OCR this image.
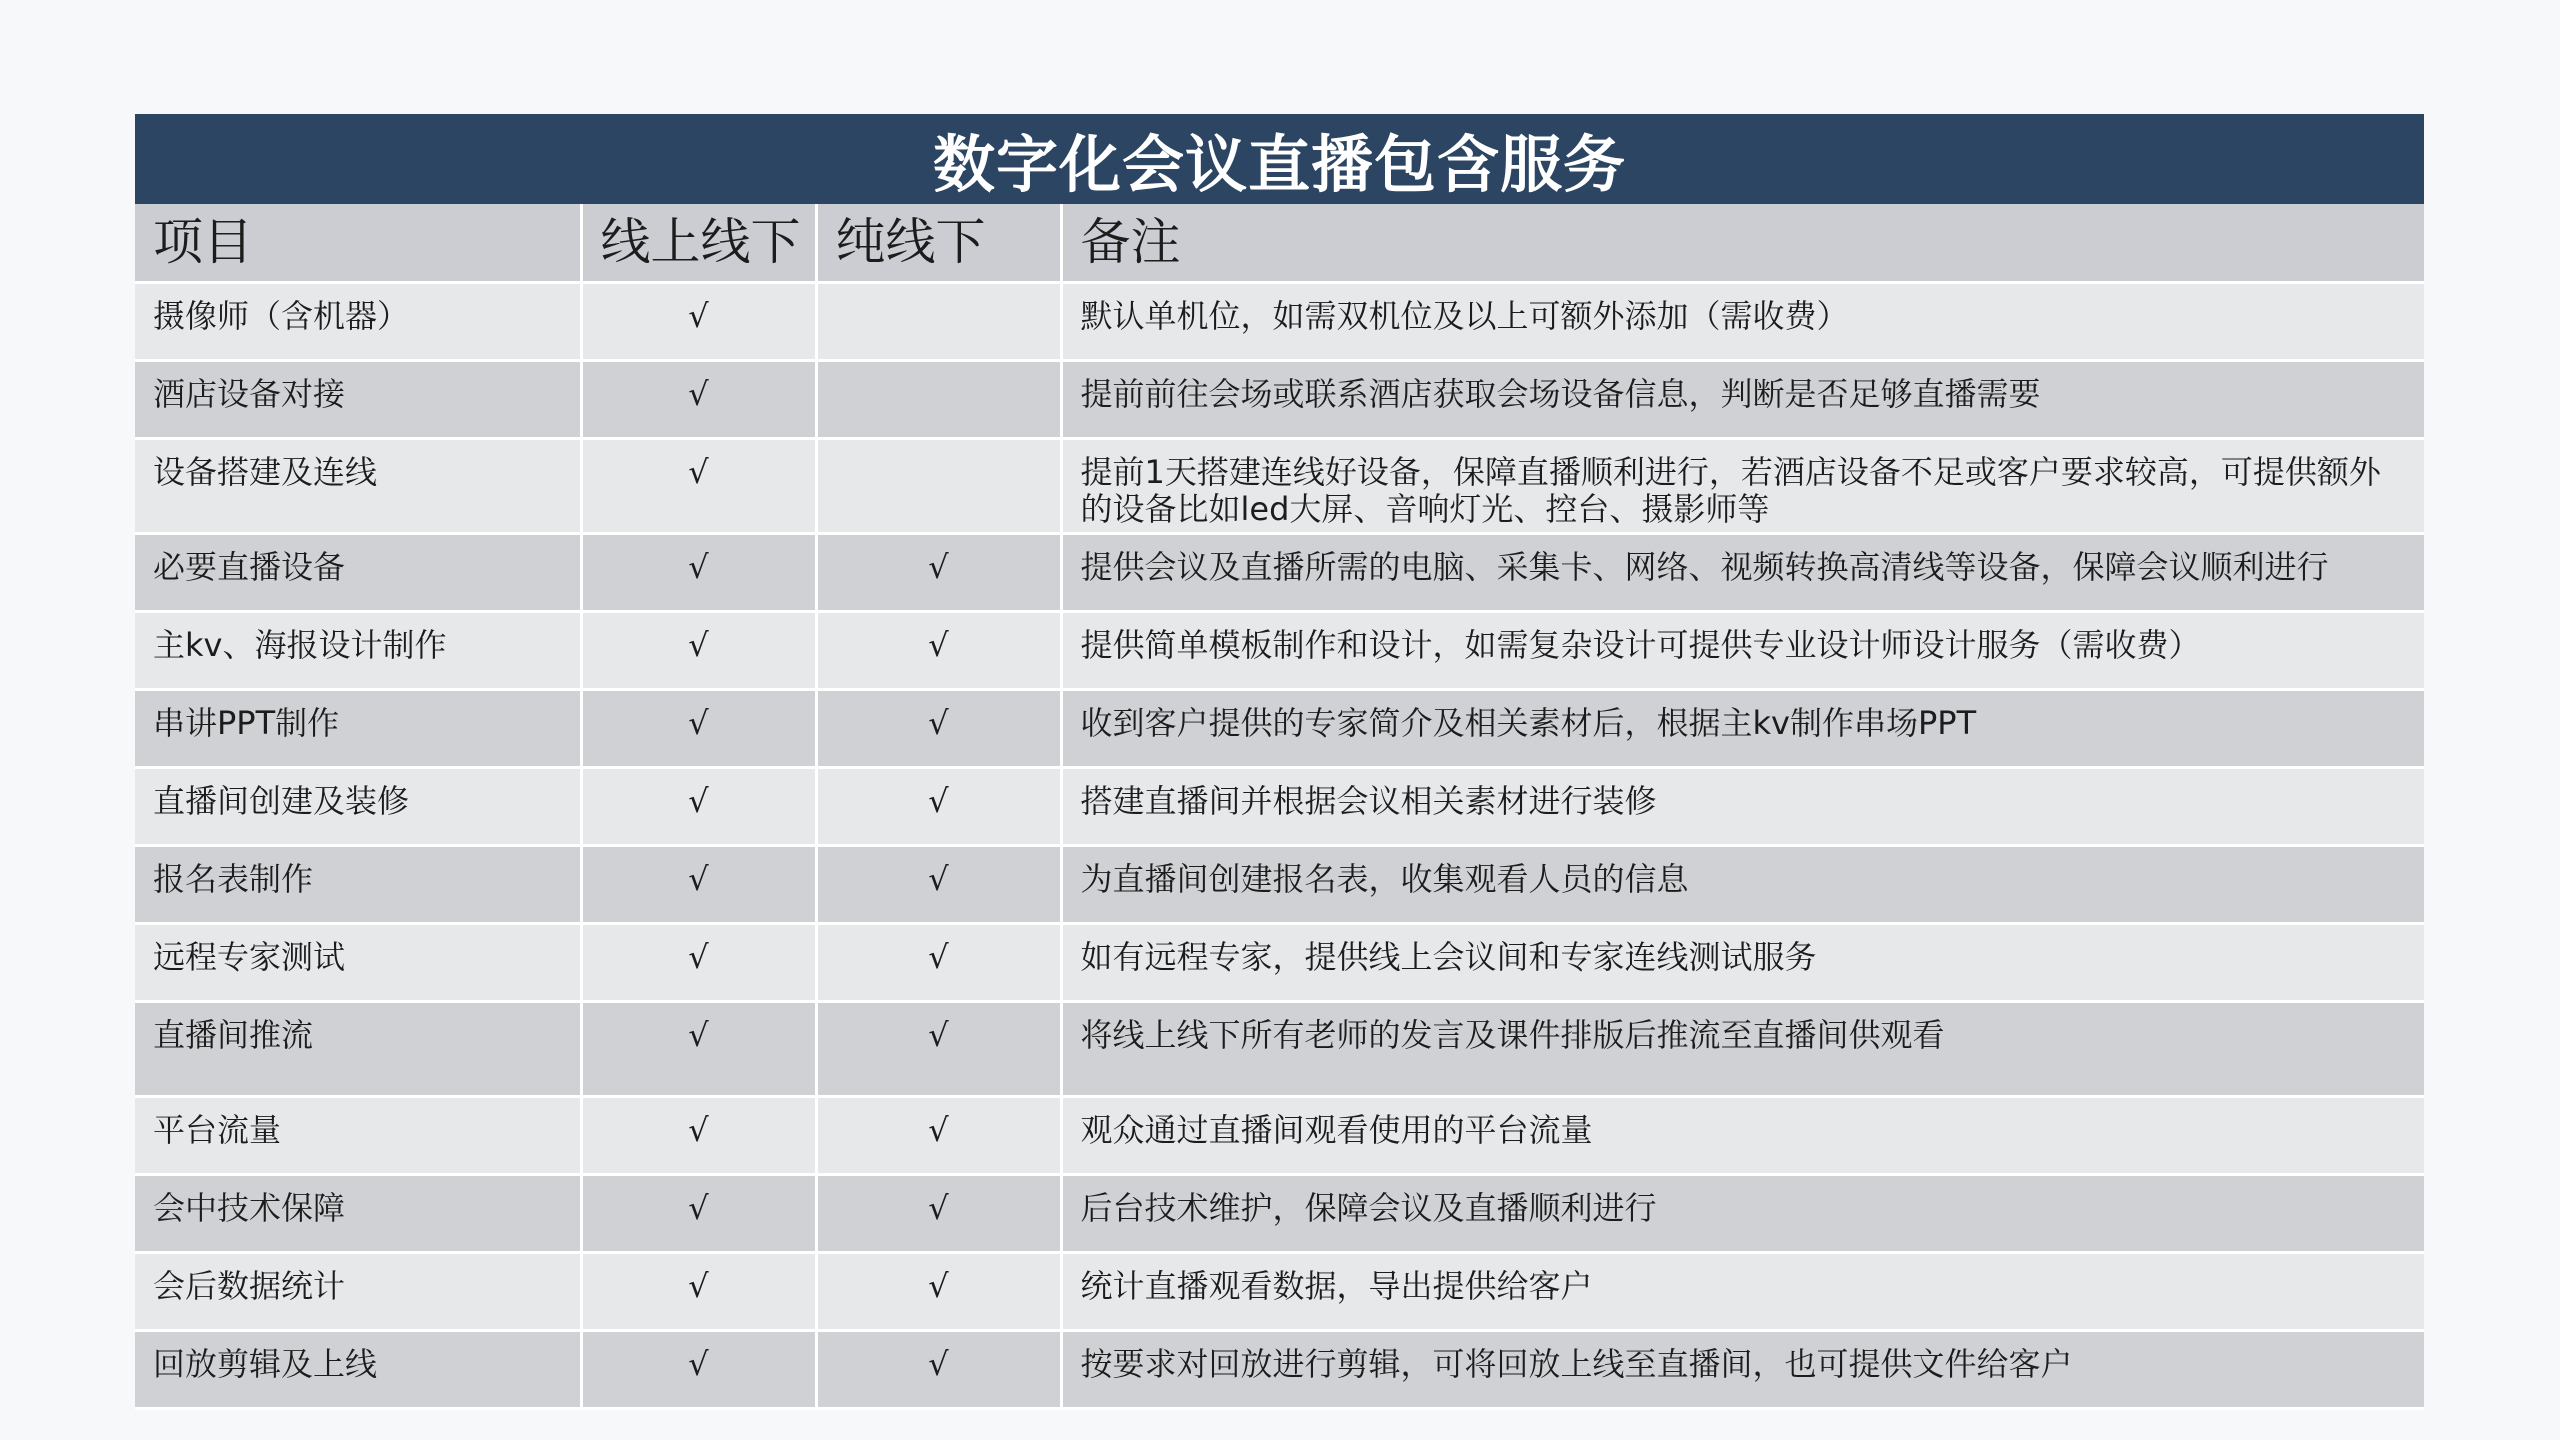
数字化会议直播包含服务
项目	线上线下	纯线下	备注
摄像师（含机器）	√		默认单机位，如需双机位及以上可额外添加（需收费）
酒店设备对接	√		提前前往会场或联系酒店获取会场设备信息，判断是否足够直播需要
设备搭建及连线	√		提前1天搭建连线好设备，保障直播顺利进行，若酒店设备不足或客户要求较高，可提供额外的设备比如led大屏、音响灯光、控台、摄影师等
必要直播设备	√	√	提供会议及直播所需的电脑、采集卡、网络、视频转换高清线等设备，保障会议顺利进行
主kv、海报设计制作	√	√	提供简单模板制作和设计，如需复杂设计可提供专业设计师设计服务（需收费）
串讲PPT制作	√	√	收到客户提供的专家简介及相关素材后，根据主kv制作串场PPT
直播间创建及装修	√	√	搭建直播间并根据会议相关素材进行装修
报名表制作	√	√	为直播间创建报名表，收集观看人员的信息
远程专家测试	√	√	如有远程专家，提供线上会议间和专家连线测试服务
直播间推流	√	√	将线上线下所有老师的发言及课件排版后推流至直播间供观看
平台流量	√	√	观众通过直播间观看使用的平台流量
会中技术保障	√	√	后台技术维护，保障会议及直播顺利进行
会后数据统计	√	√	统计直播观看数据，导出提供给客户
回放剪辑及上线	√	√	按要求对回放进行剪辑，可将回放上线至直播间，也可提供文件给客户
